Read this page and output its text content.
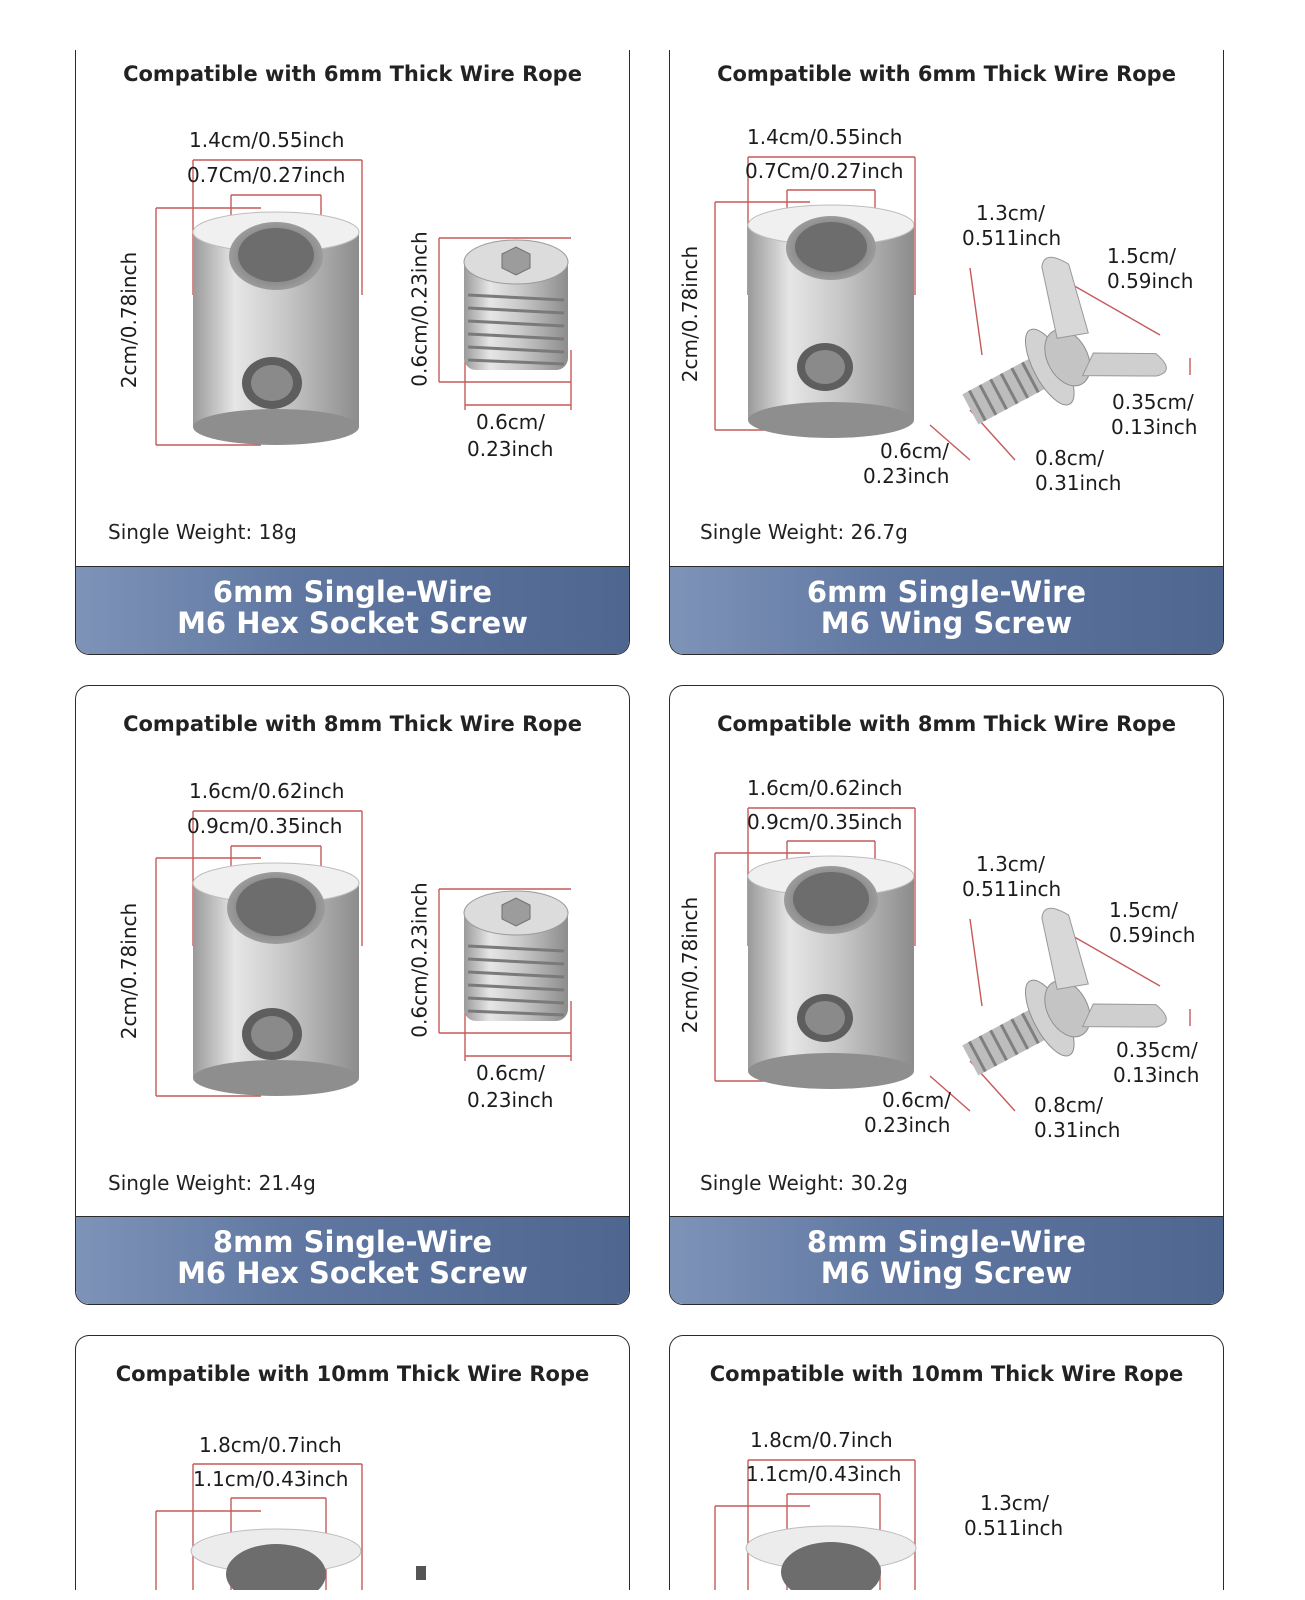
Compatible with 6mm Thick Wire Rope
1.4cm/0.55inch
0.7Cm/0.27inch
2cm/0.78inch	0.6cm/0.23inch
0.6cm/
0.23inch
Single Weight: 18g
6mm Single-Wire
M6 Hex Socket Screw
Compatible with 6mm Thick Wire Rope
1.4cm/0.55inch
0.7Cm/0.27inch
2cm/0.78inch
1.3cm/
0.511inch
1.5cm/
0.59inch
0.35cm/
0.13inch
0.6cm/
0.23inch
0.8cm/
0.31inch
Single Weight: 26.7g
6mm Single-Wire
M6 Wing Screw
Compatible with 8mm Thick Wire Rope
1.6cm/0.62inch
0.9cm/0.35inch
2cm/0.78inch	0.6cm/0.23inch
0.6cm/
0.23inch
Single Weight: 21.4g
8mm Single-Wire
M6 Hex Socket Screw
Compatible with 8mm Thick Wire Rope
1.6cm/0.62inch
0.9cm/0.35inch
2cm/0.78inch
1.3cm/
0.511inch
1.5cm/
0.59inch
0.35cm/
0.13inch
0.6cm/
0.23inch
0.8cm/
0.31inch
Single Weight: 30.2g
8mm Single-Wire
M6 Wing Screw
Compatible with 10mm Thick Wire Rope
1.8cm/0.7inch
1.1cm/0.43inch
Compatible with 10mm Thick Wire Rope
1.8cm/0.7inch
1.1cm/0.43inch
1.3cm/
0.511inch
